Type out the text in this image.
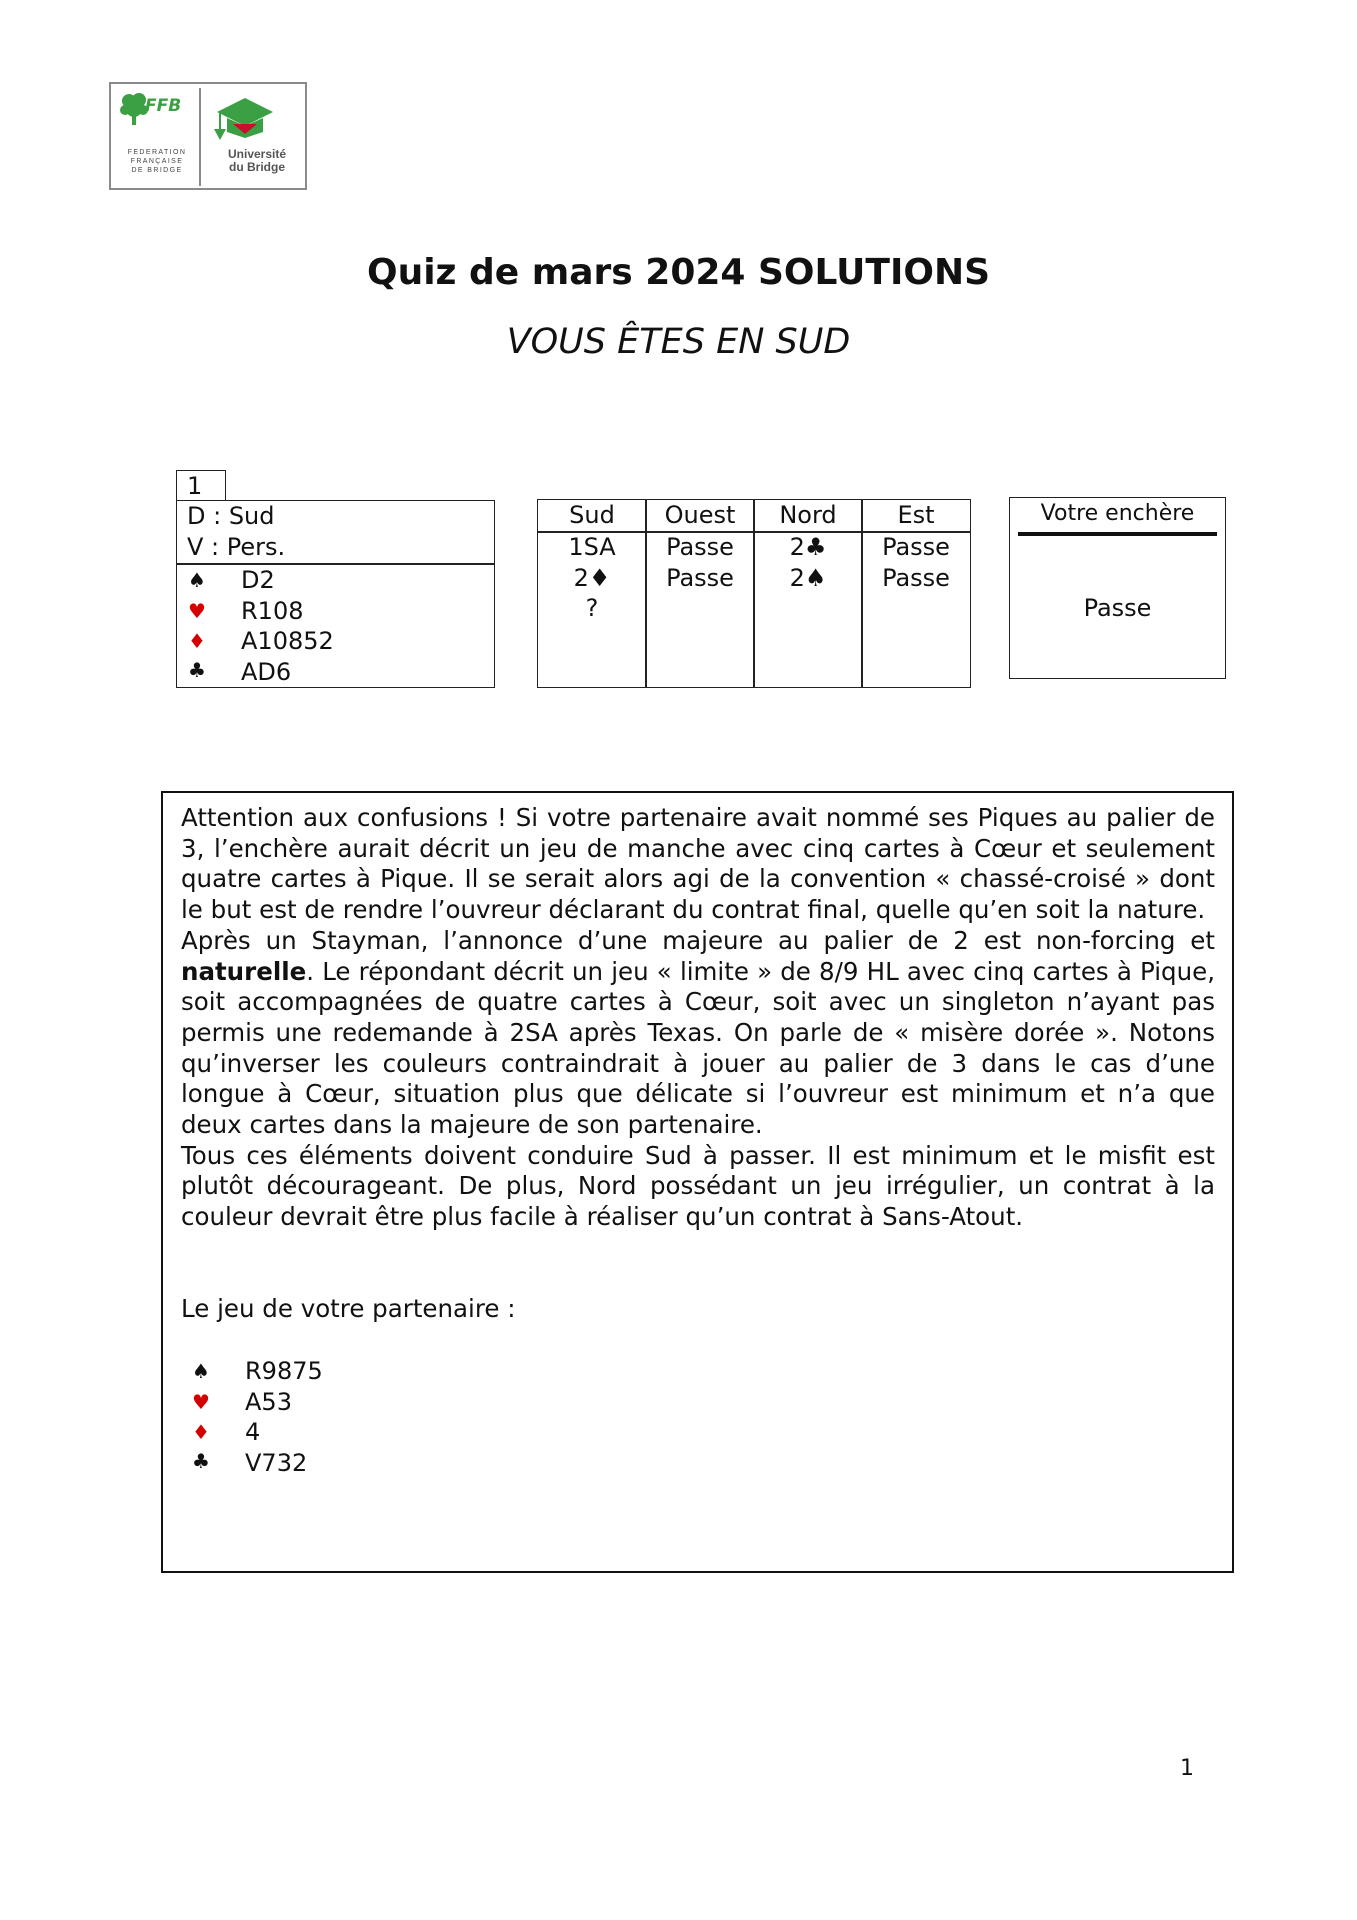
FFB
FEDERATION
FRANÇAISE
DE BRIDGE
Université
du Bridge
Quiz de mars 2024 SOLUTIONS
VOUS ÊTES EN SUD
1
D : Sud
V : Pers.
♠ D2
♥ R108
♦ A10852
♣ AD6
Sud	Ouest	Nord	Est
1SA	Passe	2♣	Passe
2♦	Passe	2♠	Passe
?
Votre enchère
Passe

Attention aux confusions ! Si votre partenaire avait nommé ses Piques au palier de 3, l’enchère aurait décrit un jeu de manche avec cinq cartes à Cœur et seulement quatre cartes à Pique. Il se serait alors agi de la convention « chassé-croisé » dont le but est de rendre l’ouvreur déclarant du contrat final, quelle qu’en soit la nature.

Après un Stayman, l’annonce d’une majeure au palier de 2 est non-forcing et naturelle. Le répondant décrit un jeu « limite » de 8/9 HL avec cinq cartes à Pique, soit accompagnées de quatre cartes à Cœur, soit avec un singleton n’ayant pas permis une redemande à 2SA après Texas. On parle de « misère dorée ». Notons qu’inverser les couleurs contraindrait à jouer au palier de 3 dans le cas d’une longue à Cœur, situation plus que délicate si l’ouvreur est minimum et n’a que deux cartes dans la majeure de son partenaire.

Tous ces éléments doivent conduire Sud à passer. Il est minimum et le misfit est plutôt décourageant. De plus, Nord possédant un jeu irrégulier, un contrat à la couleur devrait être plus facile à réaliser qu’un contrat à Sans-Atout.

Le jeu de votre partenaire :
♠ R9875
♥ A53
♦ 4
♣ V732
1
